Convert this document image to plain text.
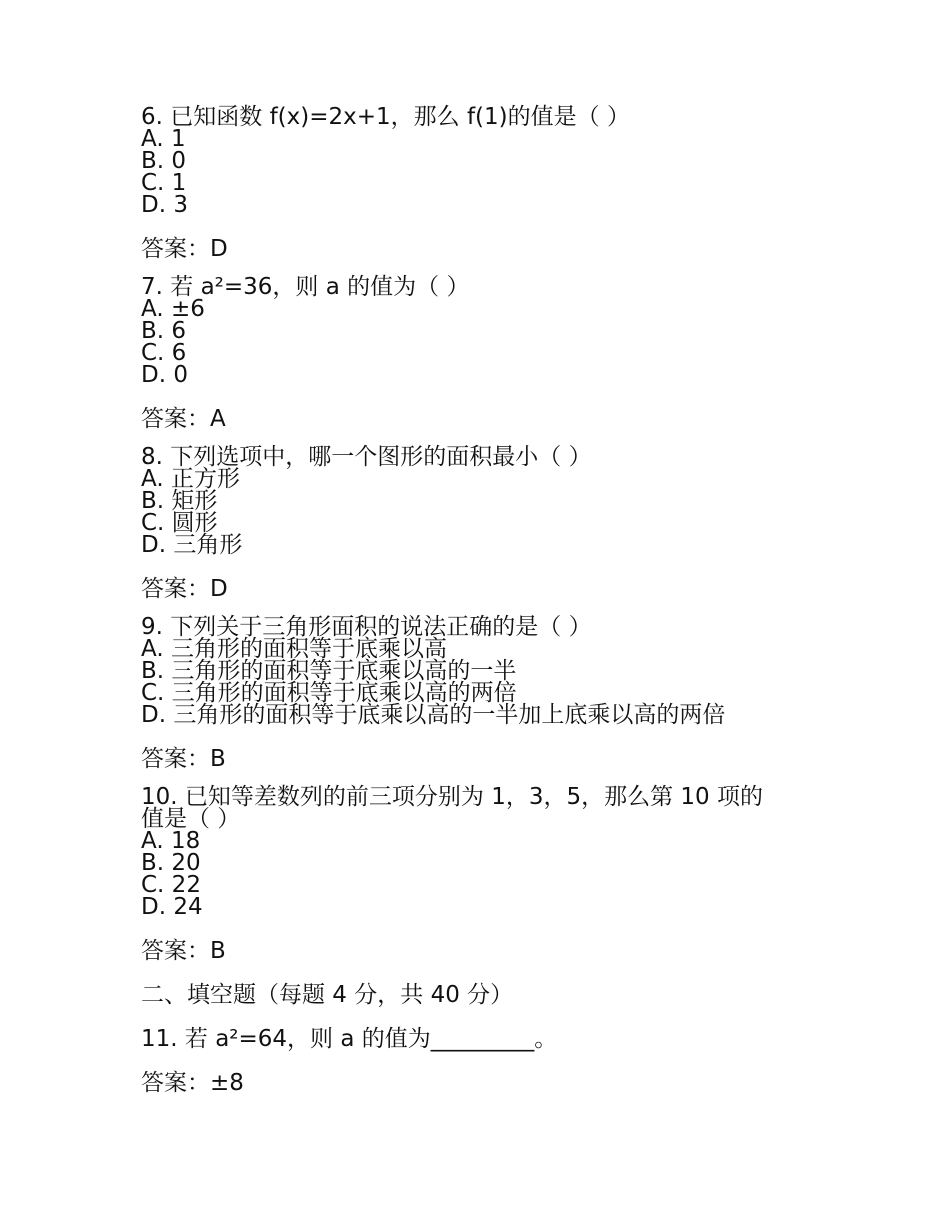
6. 已知函数 f(x)=2x+1，那么 f(1)的值是（ ）

A. 1

B. 0

C. 1

D. 3

答案：D

7. 若 a²=36，则 a 的值为（ ）

A. ±6

B. 6

C. 6

D. 0

答案：A

8. 下列选项中，哪一个图形的面积最小（ ）

A. 正方形

B. 矩形

C. 圆形

D. 三角形

答案：D

9. 下列关于三角形面积的说法正确的是（ ）

A. 三角形的面积等于底乘以高

B. 三角形的面积等于底乘以高的一半

C. 三角形的面积等于底乘以高的两倍

D. 三角形的面积等于底乘以高的一半加上底乘以高的两倍

答案：B

10. 已知等差数列的前三项分别为 1，3，5，那么第 10 项的

值是（ ）

A. 18

B. 20

C. 22

D. 24

答案：B

二、填空题（每题 4 分，共 40 分）

11. 若 a²=64，则 a 的值为_________。

答案：±8
